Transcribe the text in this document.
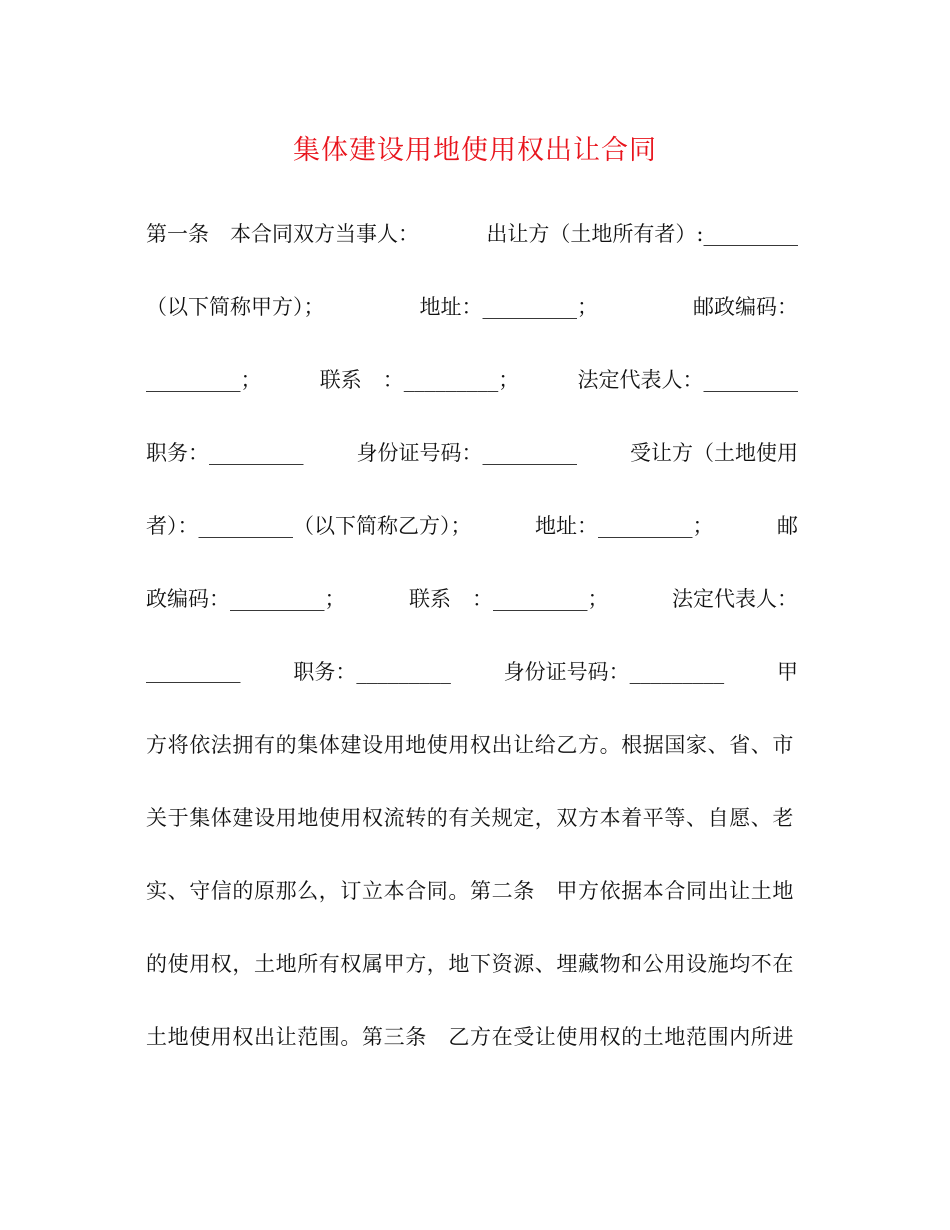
集体建设用地使用权出让合同
第一条　本合同双方当事人：	出让方（土地所有者）:_________
（以下简称甲方）；	地址：_________；	邮政编码：
_________；	联系　：_________；	法定代表人：_________
职务：_________	身份证号码：_________	受让方（土地使用
者）：_________（以下简称乙方）；	地址：_________；	邮
政编码：_________；	联系　：_________；	法定代表人：
_________	职务：_________	身份证号码：_________	甲
方将依法拥有的集体建设用地使用权出让给乙方。根据国家、省、市
关于集体建设用地使用权流转的有关规定，双方本着平等、自愿、老
实、守信的原那么，订立本合同。第二条　甲方依据本合同出让土地
的使用权，土地所有权属甲方，地下资源、埋藏物和公用设施均不在
土地使用权出让范围。第三条　乙方在受让使用权的土地范围内所进
